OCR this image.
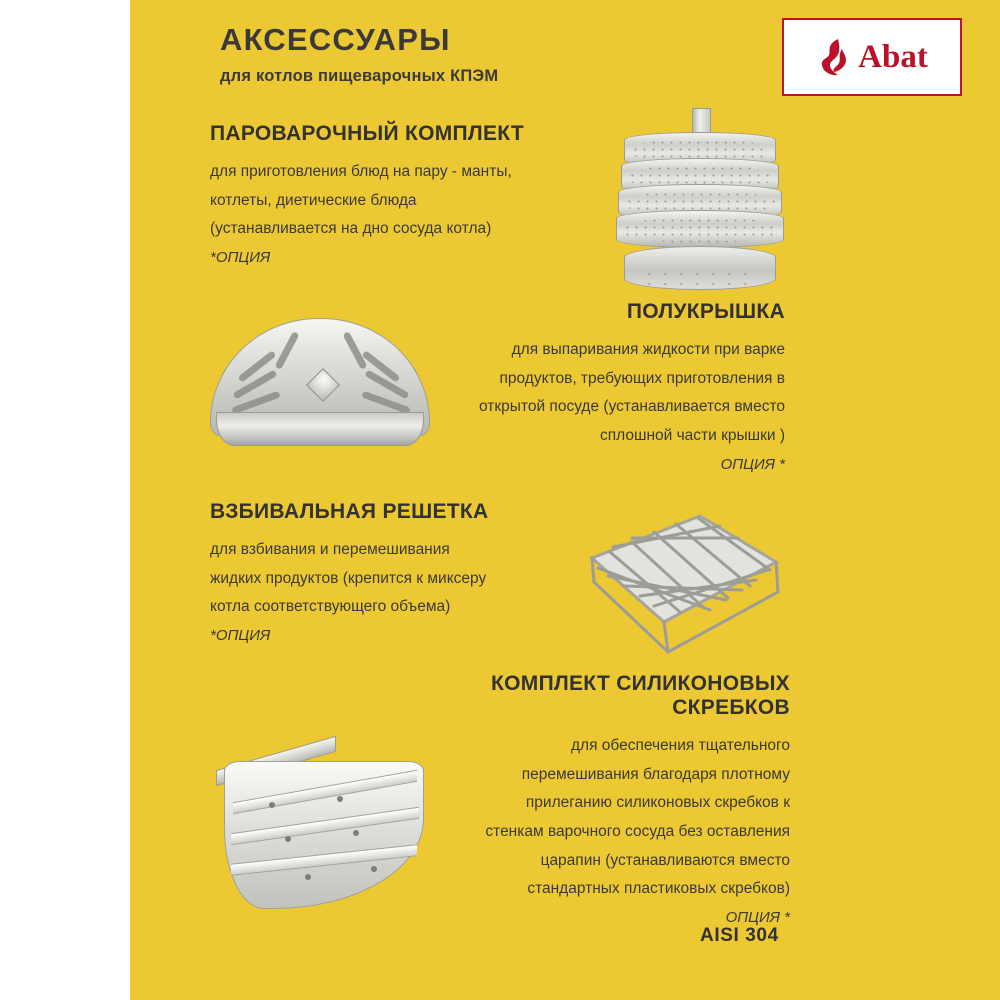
АКСЕССУАРЫ
для котлов пищеварочных КПЭМ
Abat
ПАРОВАРОЧНЫЙ КОМПЛЕКТ
для приготовления блюд на пару - манты,
котлеты, диетические блюда
(устанавливается на дно сосуда котла)
*ОПЦИЯ
ПОЛУКРЫШКА
для выпаривания жидкости при варке
продуктов, требующих приготовления в
открытой посуде (устанавливается вместо
сплошной части крышки )
ОПЦИЯ *
ВЗБИВАЛЬНАЯ РЕШЕТКА
для взбивания и перемешивания
жидких продуктов (крепится к миксеру
котла соответствующего объема)
*ОПЦИЯ
КОМПЛЕКТ СИЛИКОНОВЫХ СКРЕБКОВ
для обеспечения тщательного
перемешивания благодаря плотному
прилеганию силиконовых скребков к
стенкам варочного сосуда без оставления
царапин (устанавливаются вместо
стандартных пластиковых скребков)
ОПЦИЯ *
AISI 304
